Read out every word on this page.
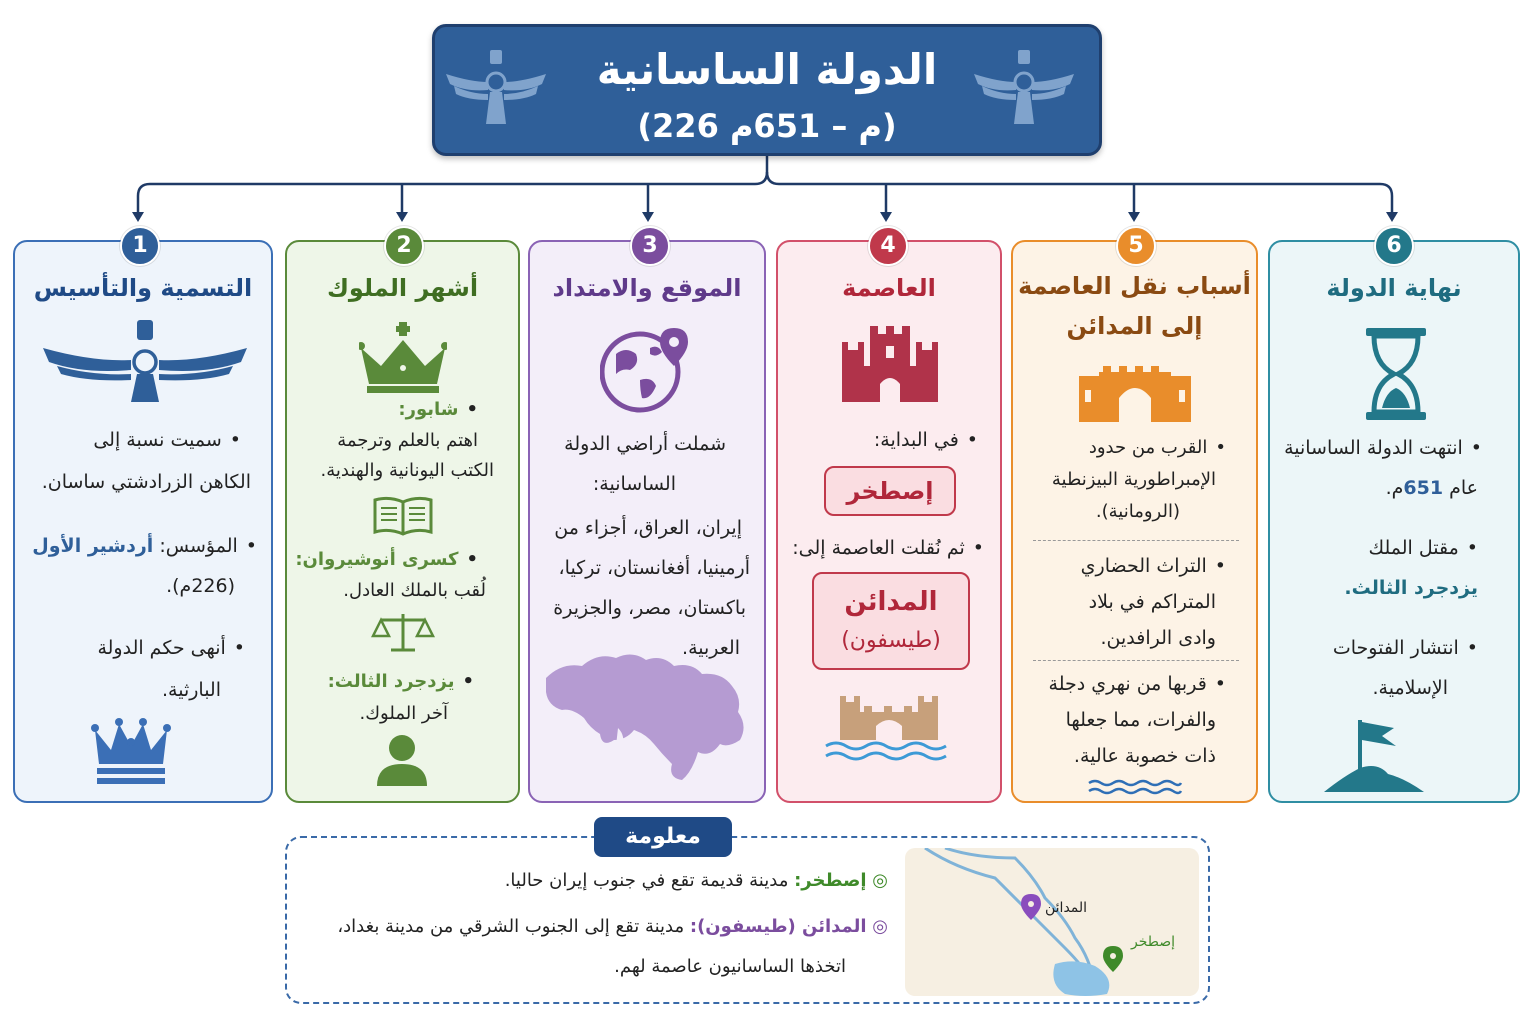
الدولة الساسانية
(226 م – 651م)
التسمية والتأسيس
• سميت نسبة إلى
الكاهن الزرادشتي ساسان.
• المؤسس: أردشير الأول
(226م).
• أنهى حكم الدولة
البارثية.
1
أشهر الملوك
• شابور:
اهتم بالعلم وترجمة
الكتب اليونانية والهندية.
• كسرى أنوشيروان:
لُقب بالملك العادل.
• يزدجرد الثالث:
آخر الملوك.
2
الموقع والامتداد
شملت أراضي الدولة
الساسانية:
إيران، العراق، أجزاء من
أرمينيا، أفغانستان، تركيا،
باكستان، مصر، والجزيرة
العربية.
3
العاصمة
• في البداية:
إصطخر
• ثم نُقلت العاصمة إلى:
المدائن
(طيسفون)
4
أسباب نقل العاصمة
إلى المدائن
• القرب من حدود
الإمبراطورية البيزنطية
(الرومانية).
• التراث الحضاري
المتراكم في بلاد
وادى الرافدين.
• قربها من نهري دجلة
والفرات، مما جعلها
ذات خصوبة عالية.
5
نهاية الدولة
• انتهت الدولة الساسانية
عام 651م.
• مقتل الملك
يزدجرد الثالث.
• انتشار الفتوحات
الإسلامية.
6
معلومة
◎ إصطخر: مدينة قديمة تقع في جنوب إيران حاليا.
◎ المدائن (طيسفون): مدينة تقع إلى الجنوب الشرقي من مدينة بغداد،
اتخذها الساسانيون عاصمة لهم.
المدائن
إصطخر
